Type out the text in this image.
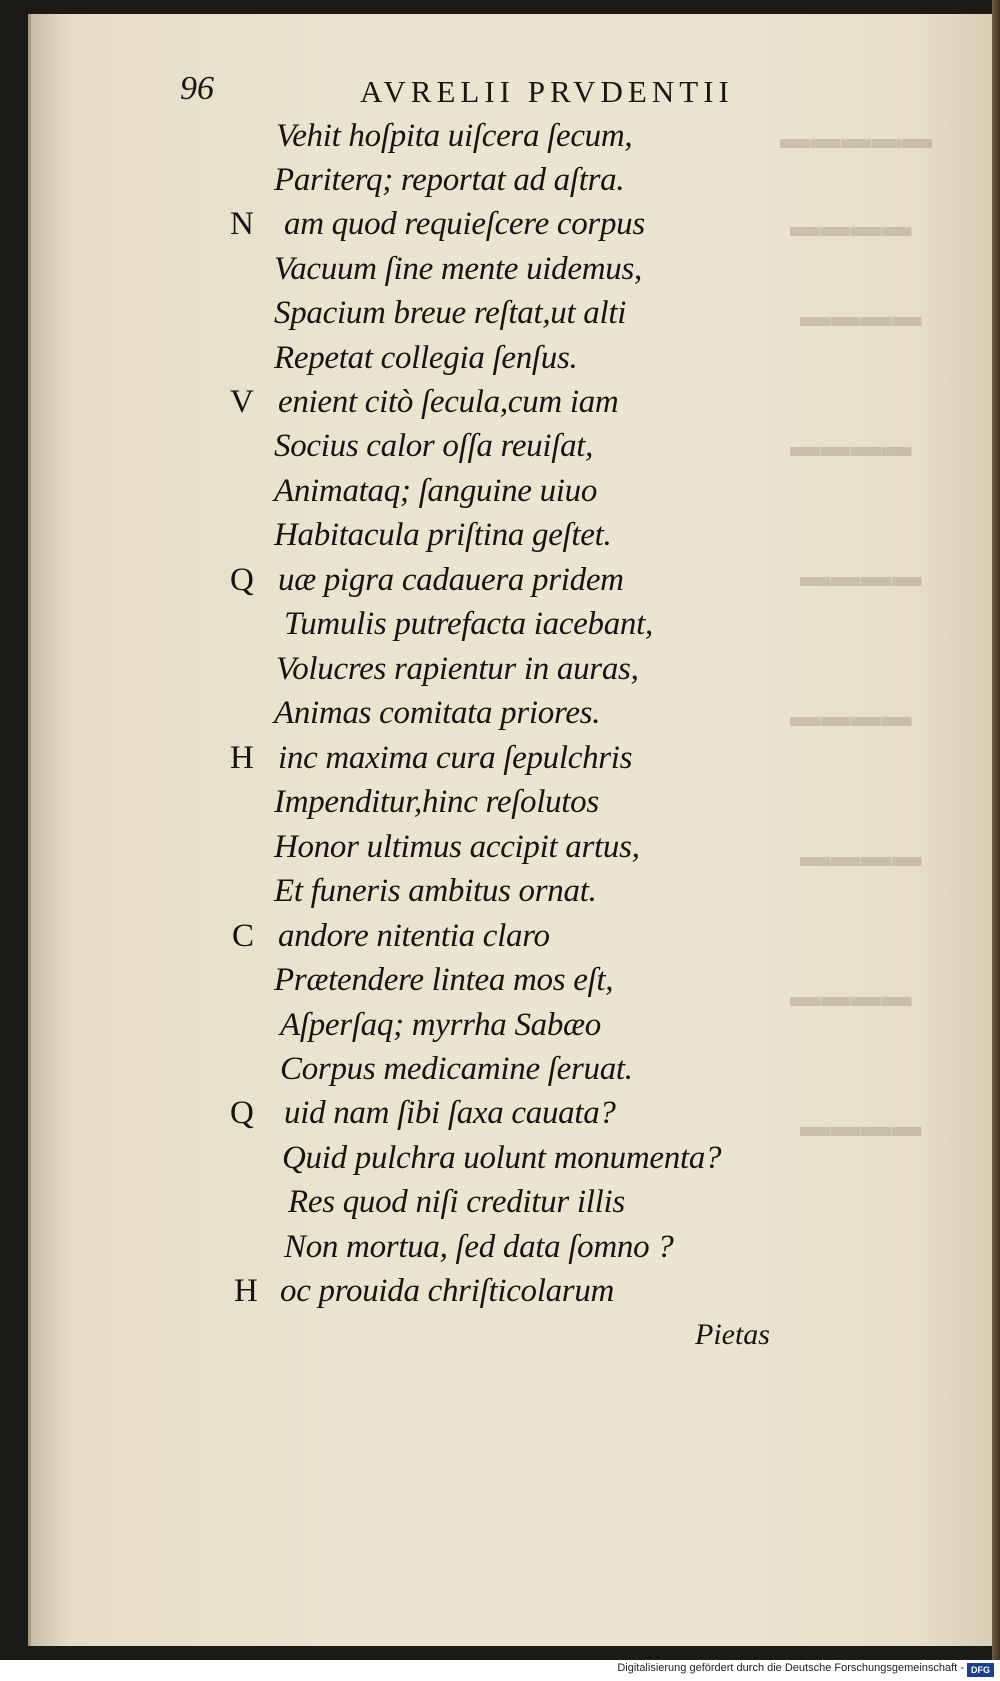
▬▬▬▬▬
▬▬▬▬
▬▬▬▬
▬▬▬▬
▬▬▬▬
▬▬▬▬
▬▬▬▬
▬▬▬▬
▬▬▬▬
96	AVRELII PRVDENTII
Vehit hoſpita uiſcera ſecum,
Pariterq; reportat ad aſtra.
N am quod requieſcere corpus
Vacuum ſine mente uidemus,
Spacium breue reſtat,ut alti
Repetat collegia ſenſus.
V enient citò ſecula,cum iam
Socius calor oſſa reuiſat,
Animataq; ſanguine uiuo
Habitacula priſtina geſtet.
Q uæ pigra cadauera pridem
Tumulis putrefacta iacebant,
Volucres rapientur in auras,
Animas comitata priores.
H inc maxima cura ſepulchris
Impenditur,hinc reſolutos
Honor ultimus accipit artus,
Et funeris ambitus ornat.
C andore nitentia claro
Prætendere lintea mos eſt,
Aſperſaq; myrrha Sabæo
Corpus medicamine ſeruat.
Q uid nam ſibi ſaxa cauata?
Quid pulchra uolunt monumenta?
Res quod niſi creditur illis
Non mortua, ſed data ſomno ?
H oc prouida chriſticolarum
Pietas
Digitalisierung gefördert durch die Deutsche Forschungsgemeinschaft - DFG
